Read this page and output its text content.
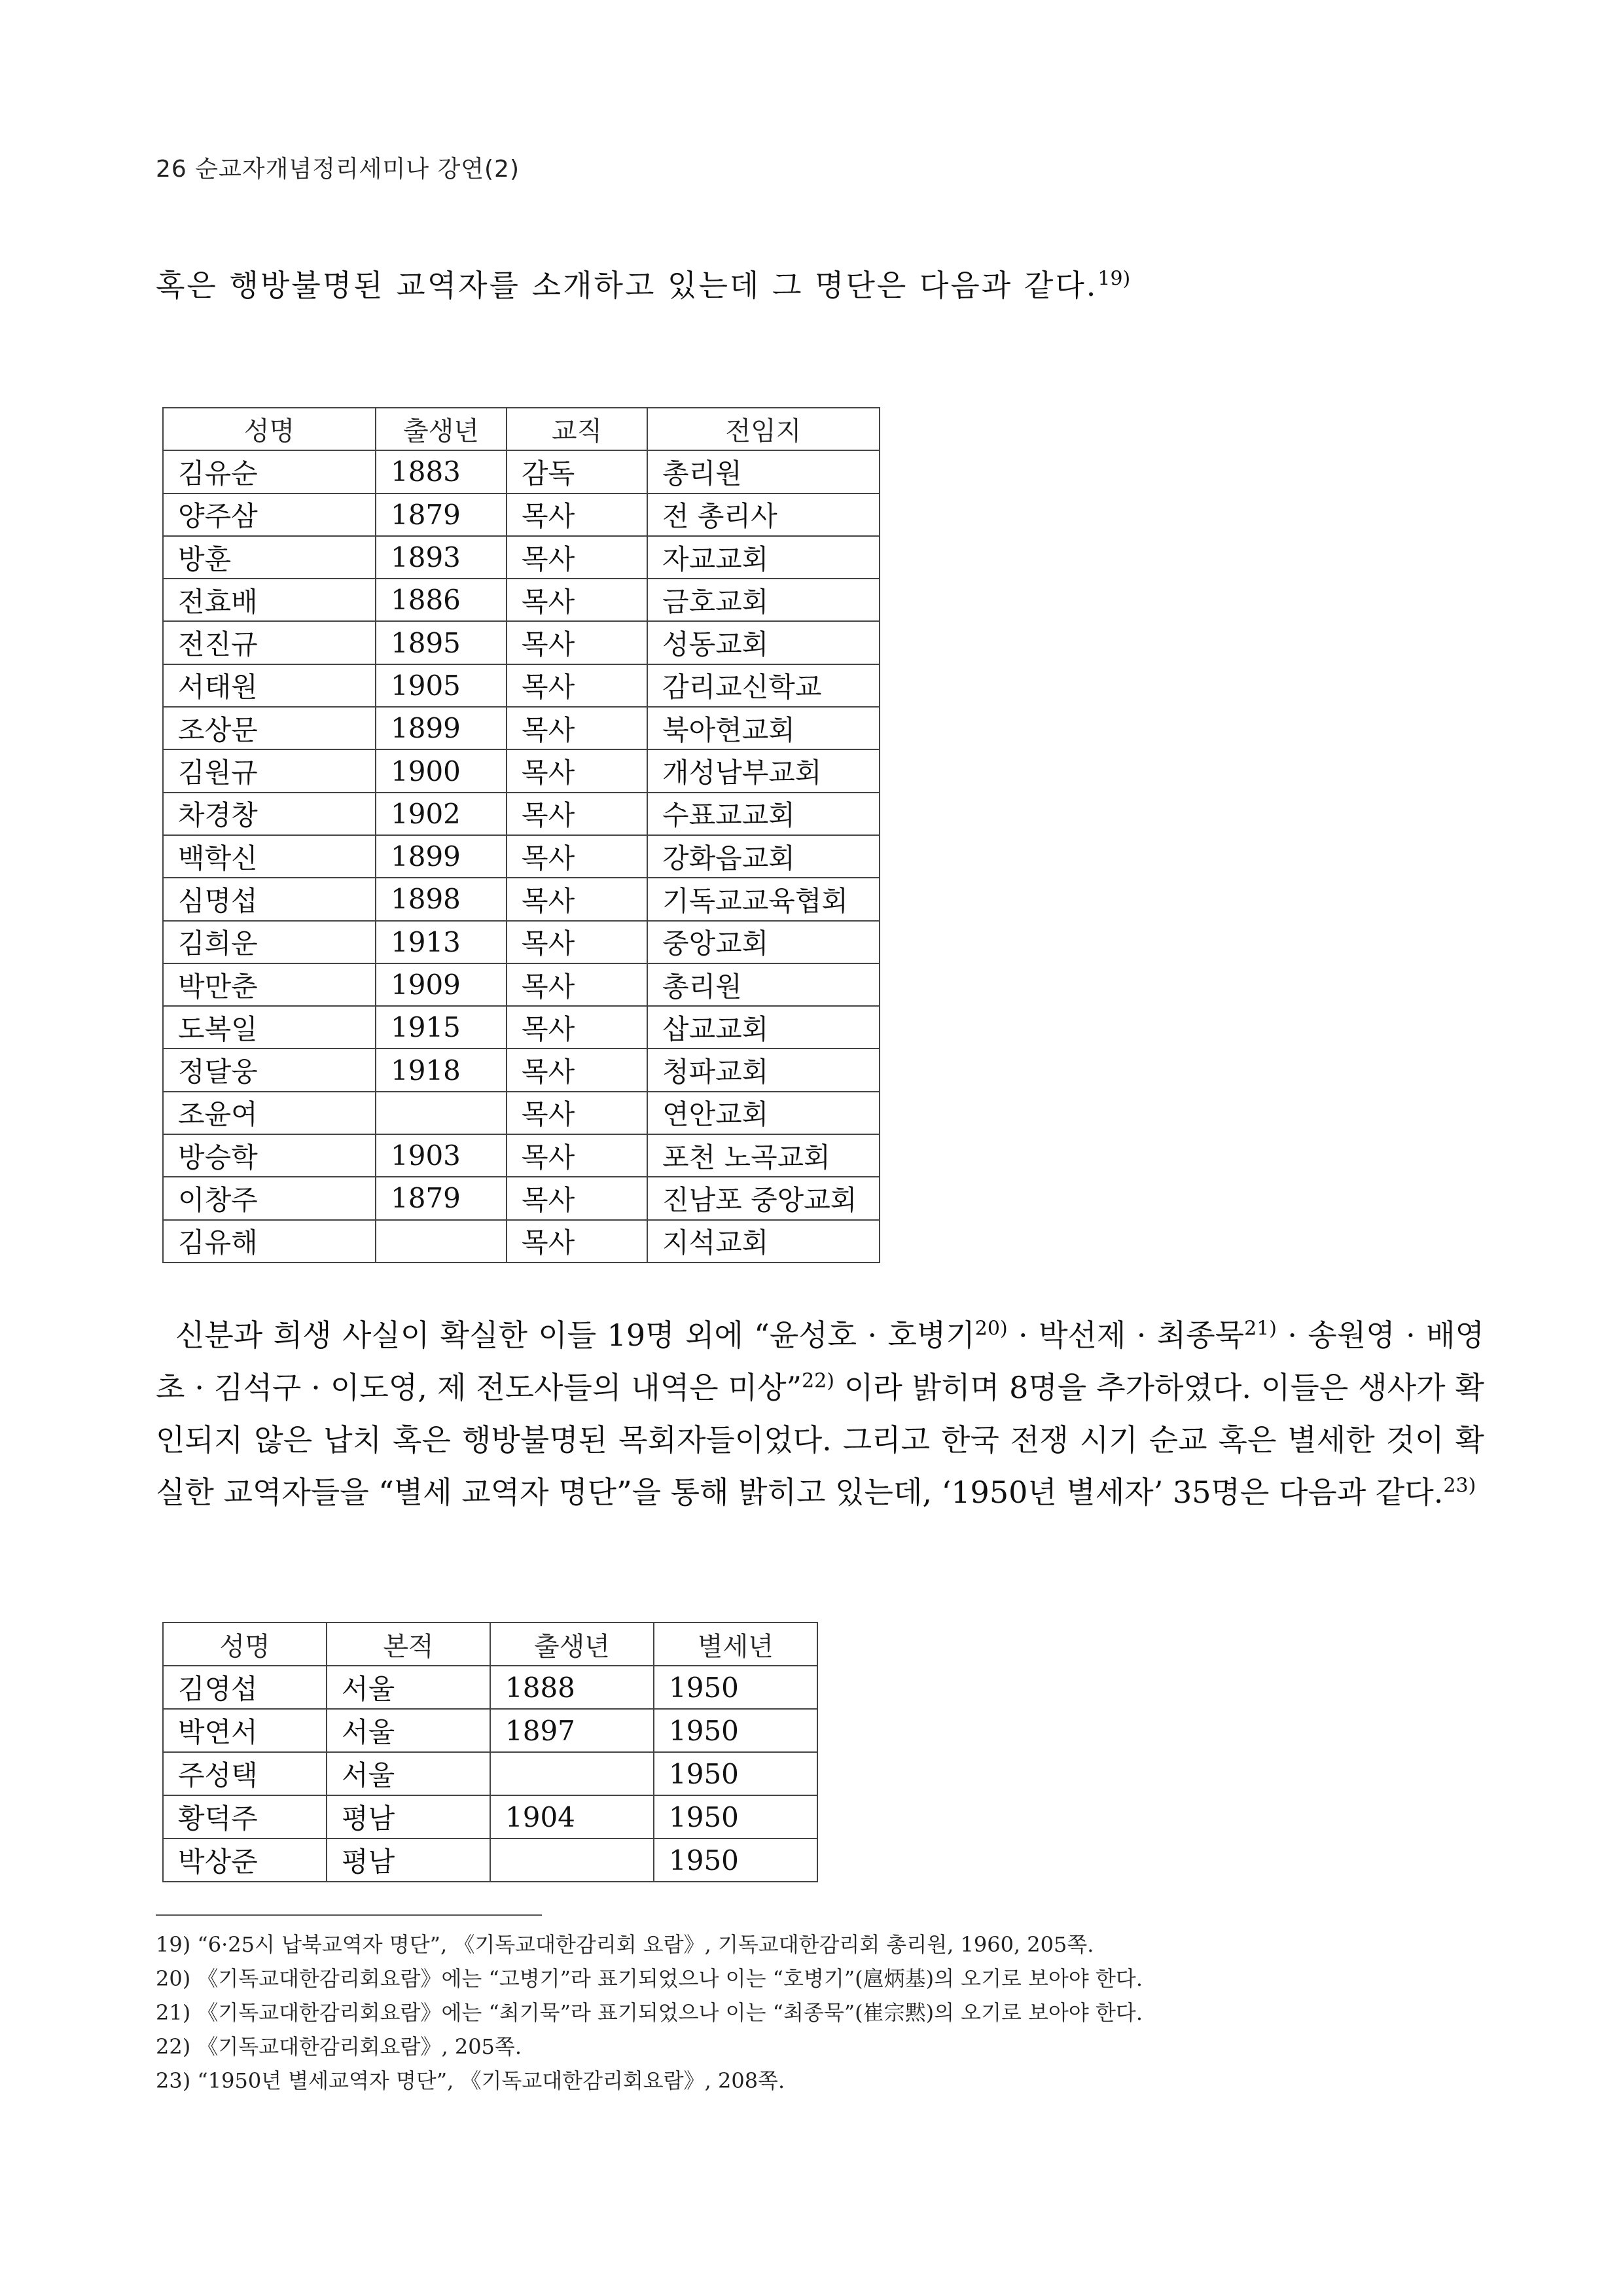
26 순교자개념정리세미나 강연(2)
혹은 행방불명된 교역자를 소개하고 있는데 그 명단은 다음과 같다.$^{19)}$
성명	출생년	교직	전임지
김유순	1883	감독	총리원
양주삼	1879	목사	전 총리사
방훈	1893	목사	자교교회
전효배	1886	목사	금호교회
전진규	1895	목사	성동교회
서태원	1905	목사	감리교신학교
조상문	1899	목사	북아현교회
김원규	1900	목사	개성남부교회
차경창	1902	목사	수표교교회
백학신	1899	목사	강화읍교회
심명섭	1898	목사	기독교교육협회
김희운	1913	목사	중앙교회
박만춘	1909	목사	총리원
도복일	1915	목사	삽교교회
정달웅	1918	목사	청파교회
조윤여		목사	연안교회
방승학	1903	목사	포천 노곡교회
이창주	1879	목사	진남포 중앙교회
김유해		목사	지석교회
신분과 희생 사실이 확실한 이들 19명 외에 “윤성호 · 호병기$^{20)}$ · 박선제 · 최종묵$^{21)}$ · 송원영 · 배영초 · 김석구 · 이도영, 제 전도사들의 내역은 미상”$^{22)}$ 이라 밝히며 8명을 추가하였다. 이들은 생사가 확인되지 않은 납치 혹은 행방불명된 목회자들이었다. 그리고 한국 전쟁 시기 순교 혹은 별세한 것이 확실한 교역자들을 “별세 교역자 명단”을 통해 밝히고 있는데, ‘1950년 별세자’ 35명은 다음과 같다.$^{23)}$
성명	본적	출생년	별세년
김영섭	서울	1888	1950
박연서	서울	1897	1950
주성택	서울		1950
황덕주	평남	1904	1950
박상준	평남		1950

19) “6·25시 납북교역자 명단”, 《기독교대한감리회 요람》, 기독교대한감리회 총리원, 1960, 205쪽.

20) 《기독교대한감리회요람》에는 “고병기”라 표기되었으나 이는 “호병기”(扈炳基)의 오기로 보아야 한다.

21) 《기독교대한감리회요람》에는 “최기묵”라 표기되었으나 이는 “최종묵”(崔宗黙)의 오기로 보아야 한다.

22) 《기독교대한감리회요람》, 205쪽.

23) “1950년 별세교역자 명단”, 《기독교대한감리회요람》, 208쪽.
